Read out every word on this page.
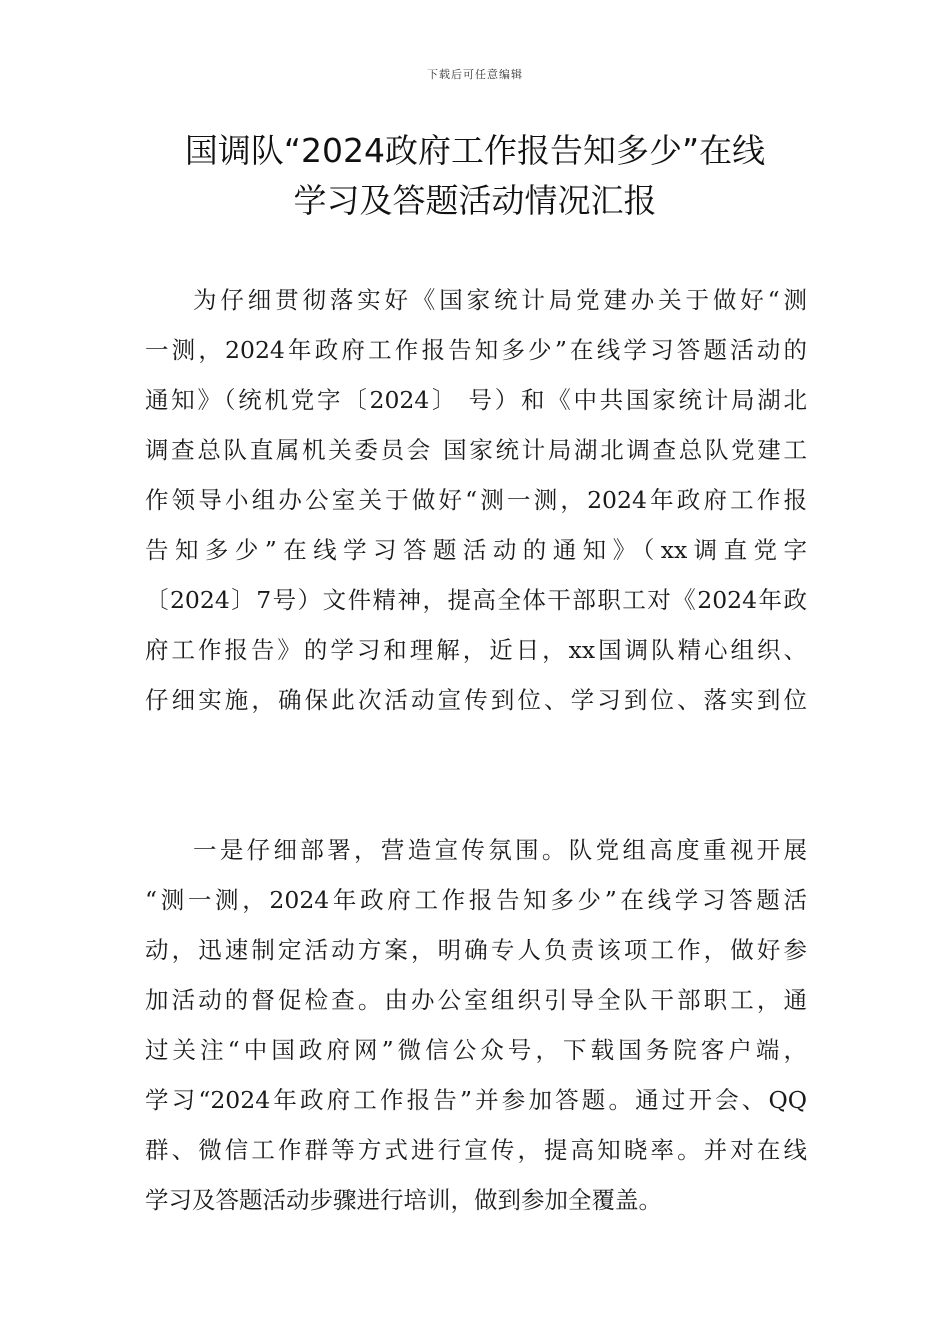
下载后可任意编辑
国调队“2024政府工作报告知多少”在线
学习及答题活动情况汇报
为仔细贯彻落实好《国家统计局党建办关于做好“测
一测，2024年政府工作报告知多少”在线学习答题活动的
通知》（统机党字〔2024〕 号）和《中共国家统计局湖北
调查总队直属机关委员会 国家统计局湖北调查总队党建工
作领导小组办公室关于做好“测一测，2024年政府工作报
告知多少”在线学习答题活动的通知》（xx调直党字
〔2024〕7号）文件精神，提高全体干部职工对《2024年政
府工作报告》的学习和理解，近日，xx国调队精心组织、
仔细实施，确保此次活动宣传到位、学习到位、落实到位
一是仔细部署，营造宣传氛围。队党组高度重视开展
“测一测，2024年政府工作报告知多少”在线学习答题活
动，迅速制定活动方案，明确专人负责该项工作，做好参
加活动的督促检查。由办公室组织引导全队干部职工，通
过关注“中国政府网”微信公众号，下载国务院客户端，
学习“2024年政府工作报告”并参加答题。通过开会、QQ
群、微信工作群等方式进行宣传，提高知晓率。并对在线
学习及答题活动步骤进行培训，做到参加全覆盖。
